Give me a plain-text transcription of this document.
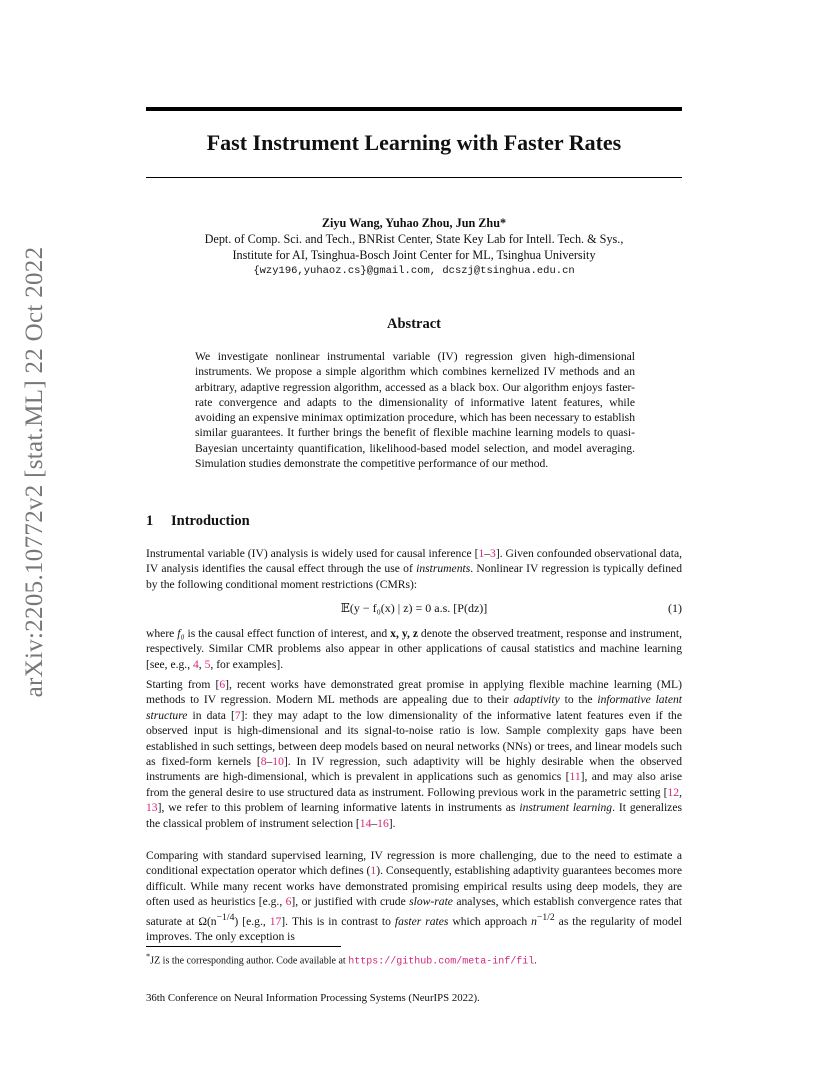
arXiv:2205.10772v2 [stat.ML] 22 Oct 2022
Fast Instrument Learning with Faster Rates
Ziyu Wang, Yuhao Zhou, Jun Zhu*
Dept. of Comp. Sci. and Tech., BNRist Center, State Key Lab for Intell. Tech. & Sys.,
Institute for AI, Tsinghua-Bosch Joint Center for ML, Tsinghua University
{wzy196,yuhaoz.cs}@gmail.com, dcszj@tsinghua.edu.cn
Abstract
We investigate nonlinear instrumental variable (IV) regression given high-dimensional instruments. We propose a simple algorithm which combines kernelized IV methods and an arbitrary, adaptive regression algorithm, accessed as a black box. Our algorithm enjoys faster-rate convergence and adapts to the dimensionality of informative latent features, while avoiding an expensive minimax optimization procedure, which has been necessary to establish similar guarantees. It further brings the benefit of flexible machine learning models to quasi-Bayesian uncertainty quantification, likelihood-based model selection, and model averaging. Simulation studies demonstrate the competitive performance of our method.
1 Introduction
Instrumental variable (IV) analysis is widely used for causal inference [1–3]. Given confounded observational data, IV analysis identifies the causal effect through the use of instruments. Nonlinear IV regression is typically defined by the following conditional moment restrictions (CMRs):
𝔼(y − f₀(x) | z) = 0 a.s. [P(dz)]	(1)
where f₀ is the causal effect function of interest, and x, y, z denote the observed treatment, response and instrument, respectively. Similar CMR problems also appear in other applications of causal statistics and machine learning [see, e.g., 4, 5, for examples].
Starting from [6], recent works have demonstrated great promise in applying flexible machine learning (ML) methods to IV regression. Modern ML methods are appealing due to their adaptivity to the informative latent structure in data [7]: they may adapt to the low dimensionality of the informative latent features even if the observed input is high-dimensional and its signal-to-noise ratio is low. Sample complexity gaps have been established in such settings, between deep models based on neural networks (NNs) or trees, and linear models such as fixed-form kernels [8–10]. In IV regression, such adaptivity will be highly desirable when the observed instruments are high-dimensional, which is prevalent in applications such as genomics [11], and may also arise from the general desire to use structured data as instrument. Following previous work in the parametric setting [12, 13], we refer to this problem of learning informative latents in instruments as instrument learning. It generalizes the classical problem of instrument selection [14–16].
Comparing with standard supervised learning, IV regression is more challenging, due to the need to estimate a conditional expectation operator which defines (1). Consequently, establishing adaptivity guarantees becomes more difficult. While many recent works have demonstrated promising empirical results using deep models, they are often used as heuristics [e.g., 6], or justified with crude slow-rate analyses, which establish convergence rates that saturate at $\Omega(n^{-1/4})$ [e.g., 17]. This is in contrast to faster rates which approach $n^{-1/2}$ as the regularity of model improves. The only exception is
*JZ is the corresponding author. Code available at https://github.com/meta-inf/fil.
36th Conference on Neural Information Processing Systems (NeurIPS 2022).
